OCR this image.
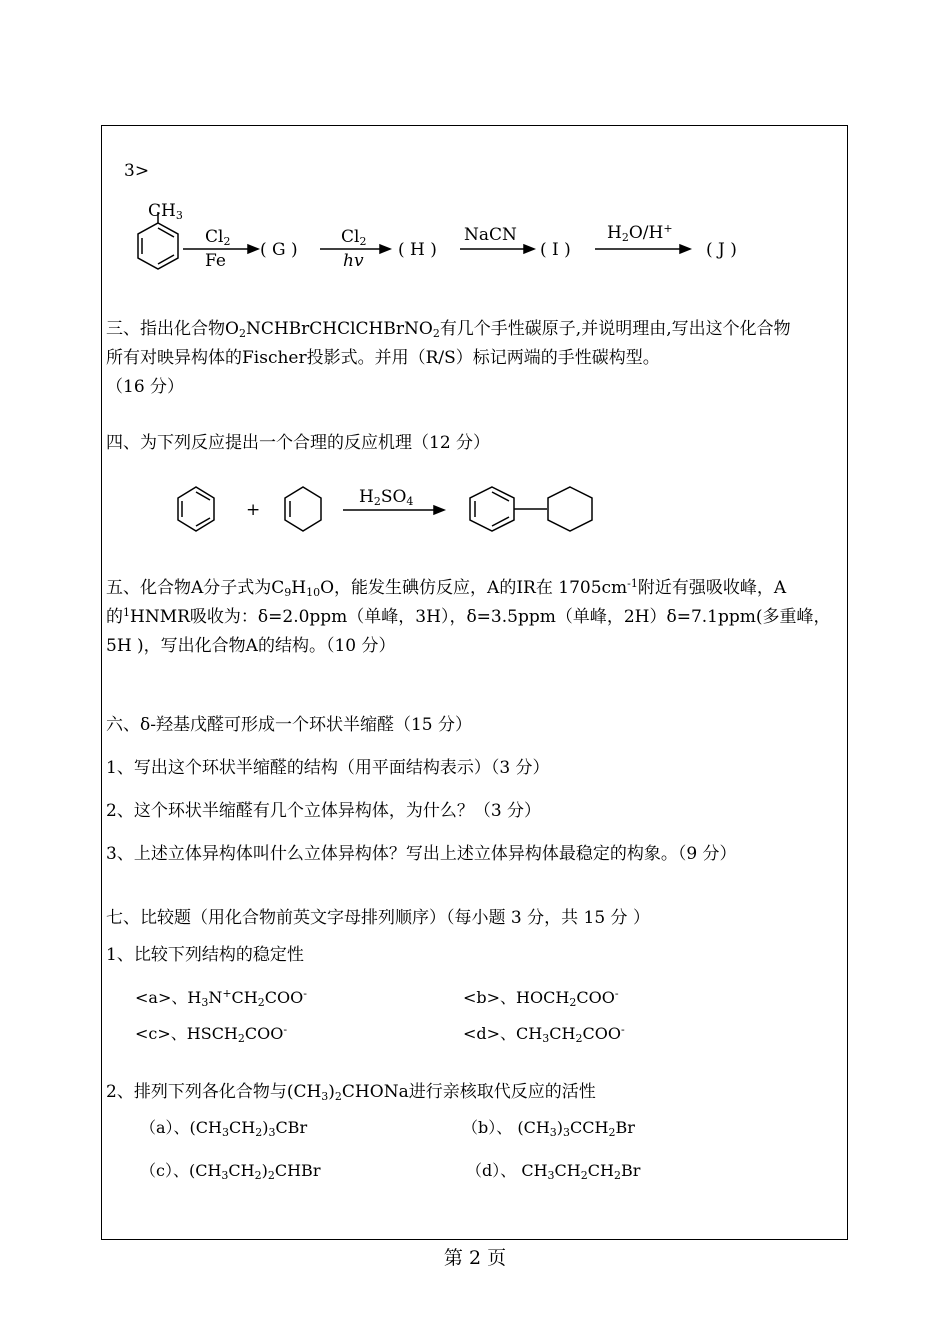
3>
$CH_3$
$Cl_2$
Fe
( G )
$Cl_2$
hv
( H )
NaCN
( I )
$H_2O/H^+$
( J )
三、指出化合物$O_2NCHBrCHClCHBrNO_2$有几个手性碳原子,并说明理由,写出这个化合物
所有对映异构体的Fischer投影式。并用（R/S）标记两端的手性碳构型。
（16 分）
四、为下列反应提出一个合理的反应机理（12 分）
+
$H_2SO_4$
五、化合物A分子式为$C_9H_{10}O$，能发生碘仿反应，A的IR在 $1705cm^{-1}$附近有强吸收峰，A
的$^1$HNMR吸收为：δ=2.0ppm（单峰，3H），δ=3.5ppm（单峰，2H）δ=7.1ppm(多重峰，
5H )，写出化合物A的结构。（10 分）
六、δ-羟基戊醛可形成一个环状半缩醛（15 分）
1、写出这个环状半缩醛的结构（用平面结构表示）（3 分）
2、这个环状半缩醛有几个立体异构体，为什么？（3 分）
3、上述立体异构体叫什么立体异构体？写出上述立体异构体最稳定的构象。（9 分）
七、比较题（用化合物前英文字母排列顺序）（每小题 3 分，共 15 分 ）
1、比较下列结构的稳定性
<a>、$H_3N^+CH_2COO^-$	<b>、$HOCH_2COO^-$
<c>、$HSCH_2COO^-$	<d>、$CH_3CH_2COO^-$
2、排列下列各化合物与$(CH_3)_2CHONa$进行亲核取代反应的活性
（a）、$(CH_3CH_2)_3CBr$	（b）、 $(CH_3)_3CCH_2Br$
（c）、$(CH_3CH_2)_2CHBr$	（d）、 $CH_3CH_2CH_2Br$
第 2 页
